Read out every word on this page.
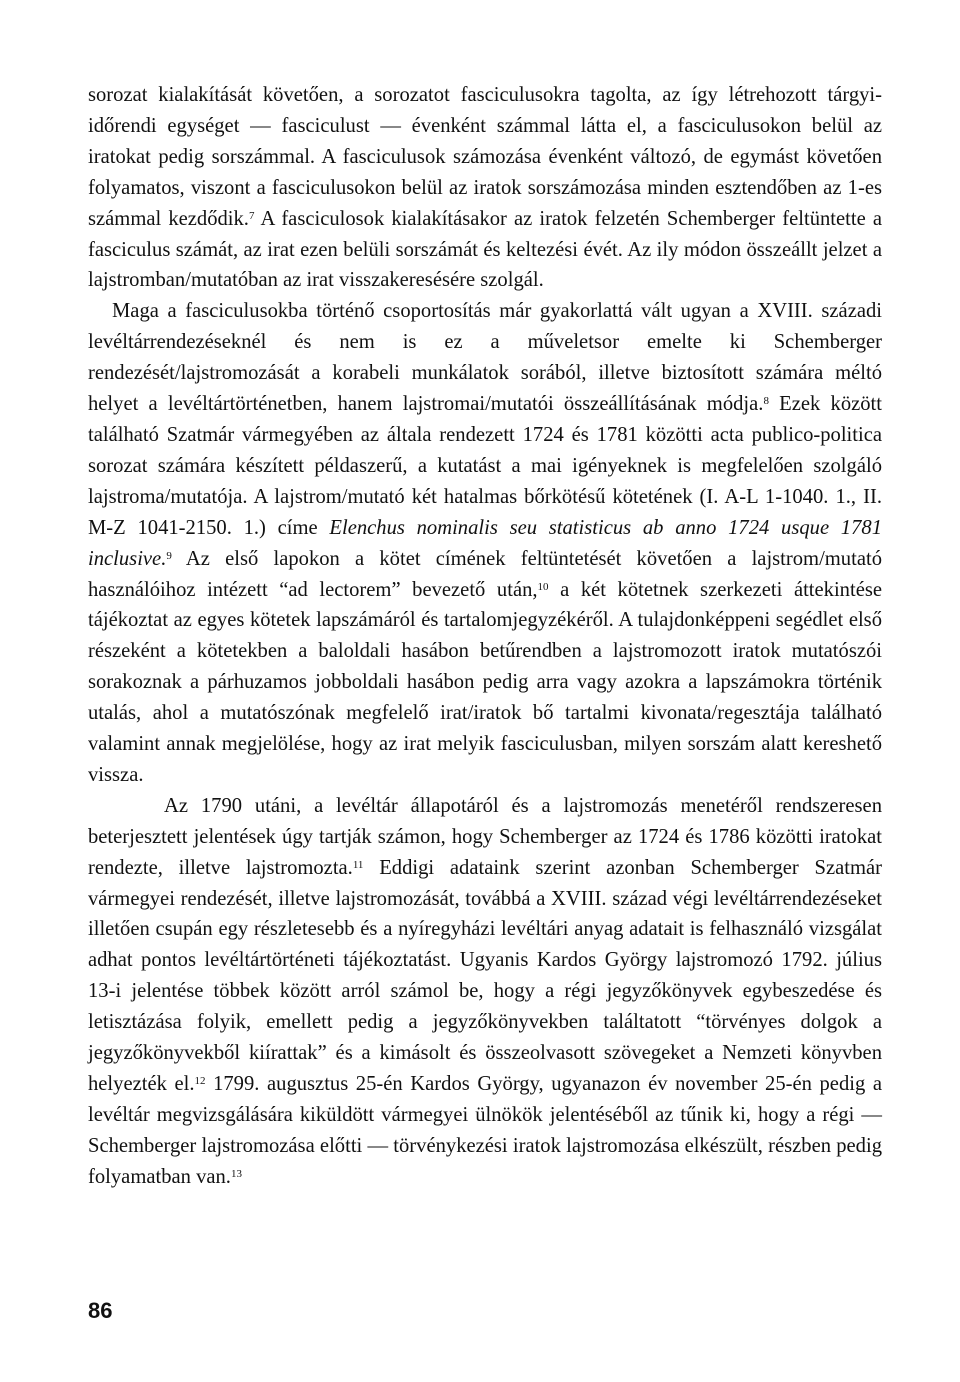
sorozat kialakítását követően, a sorozatot fasciculusokra tagolta, az így létrehozott tárgyi-időrendi egységet — fasciculust — évenként számmal látta el, a fasciculusokon belül az iratokat pedig sorszámmal. A fasciculusok számozása évenként változó, de egymást követően folyamatos, viszont a fasciculusokon belül az iratok sorszámozása minden esztendőben az 1-es számmal kezdődik.$^7$ A fasciculosok kialakításakor az iratok felzetén Schemberger feltüntette a fasciculus számát, az irat ezen belüli sorszámát és keltezési évét. Az ily módon összeállt jelzet a lajstromban/mutatóban az irat visszakeresésére szolgál.

Maga a fasciculusokba történő csoportosítás már gyakorlattá vált ugyan a XVIII. századi levéltárrendezéseknél és nem is ez a műveletsor emelte ki Schemberger rendezését/lajstromozását a korabeli munkálatok sorából, illetve biztosított számára méltó helyet a levéltártörténetben, hanem lajstromai/mutatói összeállításának módja.$^8$ Ezek között található Szatmár vármegyében az általa rendezett 1724 és 1781 közötti acta publico-politica sorozat számára készített példaszerű, a kutatást a mai igényeknek is megfelelően szolgáló lajstroma/mutatója. A lajstrom/mutató két hatalmas bőrkötésű kötetének (I. A-L 1-1040. 1., II. M-Z 1041-2150. 1.) címe Elenchus nominalis seu statisticus ab anno 1724 usque 1781 inclusive.$^9$ Az első lapokon a kötet címének feltüntetését követően a lajstrom/mutató használóihoz intézett “ad lectorem” bevezető után,$^{10}$ a két kötetnek szerkezeti áttekintése tájékoztat az egyes kötetek lapszámáról és tartalomjegyzékéről. A tulajdonképpeni segédlet első részeként a kötetekben a baloldali hasábon betűrendben a lajstromozott iratok mutatószói sorakoznak a párhuzamos jobboldali hasábon pedig arra vagy azokra a lapszámokra történik utalás, ahol a mutatószónak megfelelő irat/iratok bő tartalmi kivonata/regesztája található valamint annak megjelölése, hogy az irat melyik fasciculusban, milyen sorszám alatt kereshető vissza.

Az 1790 utáni, a levéltár állapotáról és a lajstromozás menetéről rendszeresen beterjesztett jelentések úgy tartják számon, hogy Schemberger az 1724 és 1786 közötti iratokat rendezte, illetve lajstromozta.$^{11}$ Eddigi adataink szerint azonban Schemberger Szatmár vármegyei rendezését, illetve lajstromozását, továbbá a XVIII. század végi levéltárrendezéseket illetően csupán egy részletesebb és a nyíregyházi levéltári anyag adatait is felhasználó vizsgálat adhat pontos levéltártörténeti tájékoztatást. Ugyanis Kardos György lajstromozó 1792. július 13-i jelentése többek között arról számol be, hogy a régi jegyzőkönyvek egybeszedése és letisztázása folyik, emellett pedig a jegyzőkönyvekben találtatott “törvényes dolgok a jegyzőkönyvekből kiírattak” és a kimásolt és összeolvasott szövegeket a Nemzeti könyvben helyezték el.$^{12}$ 1799. augusztus 25-én Kardos György, ugyanazon év november 25-én pedig a levéltár megvizsgálására kiküldött vármegyei ülnökök jelentéséből az tűnik ki, hogy a régi — Schemberger lajstromozása előtti — törvénykezési iratok lajstromozása elkészült, részben pedig folyamatban van.$^{13}$

86
